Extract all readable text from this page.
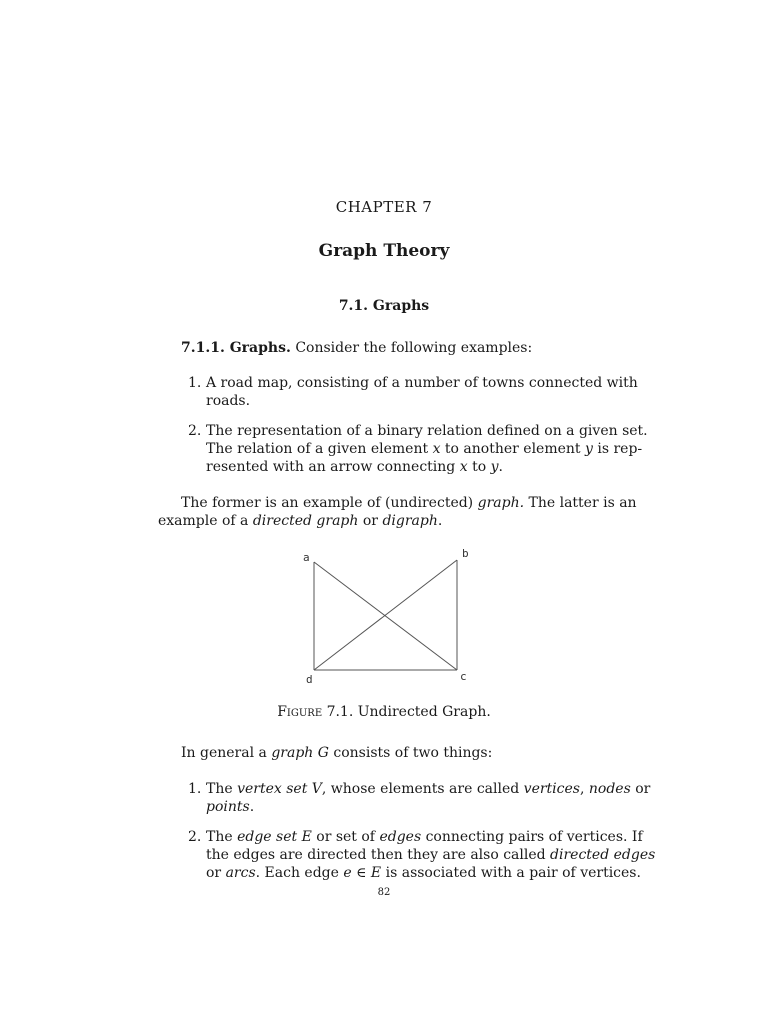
CHAPTER 7
Graph Theory
7.1. Graphs
7.1.1. Graphs. Consider the following examples:
1. A road map, consisting of a number of towns connected with
roads.
2. The representation of a binary relation defined on a given set.
The relation of a given element x to another element y is rep-
resented with an arrow connecting x to y.
The former is an example of (undirected) graph. The latter is an
example of a directed graph or digraph.
a	b
c
d
Figure 7.1. Undirected Graph.
In general a graph G consists of two things:
1. The vertex set V, whose elements are called vertices, nodes or
points.
2. The edge set E or set of edges connecting pairs of vertices. If
the edges are directed then they are also called directed edges
or arcs. Each edge e ∈ E is associated with a pair of vertices.
82
